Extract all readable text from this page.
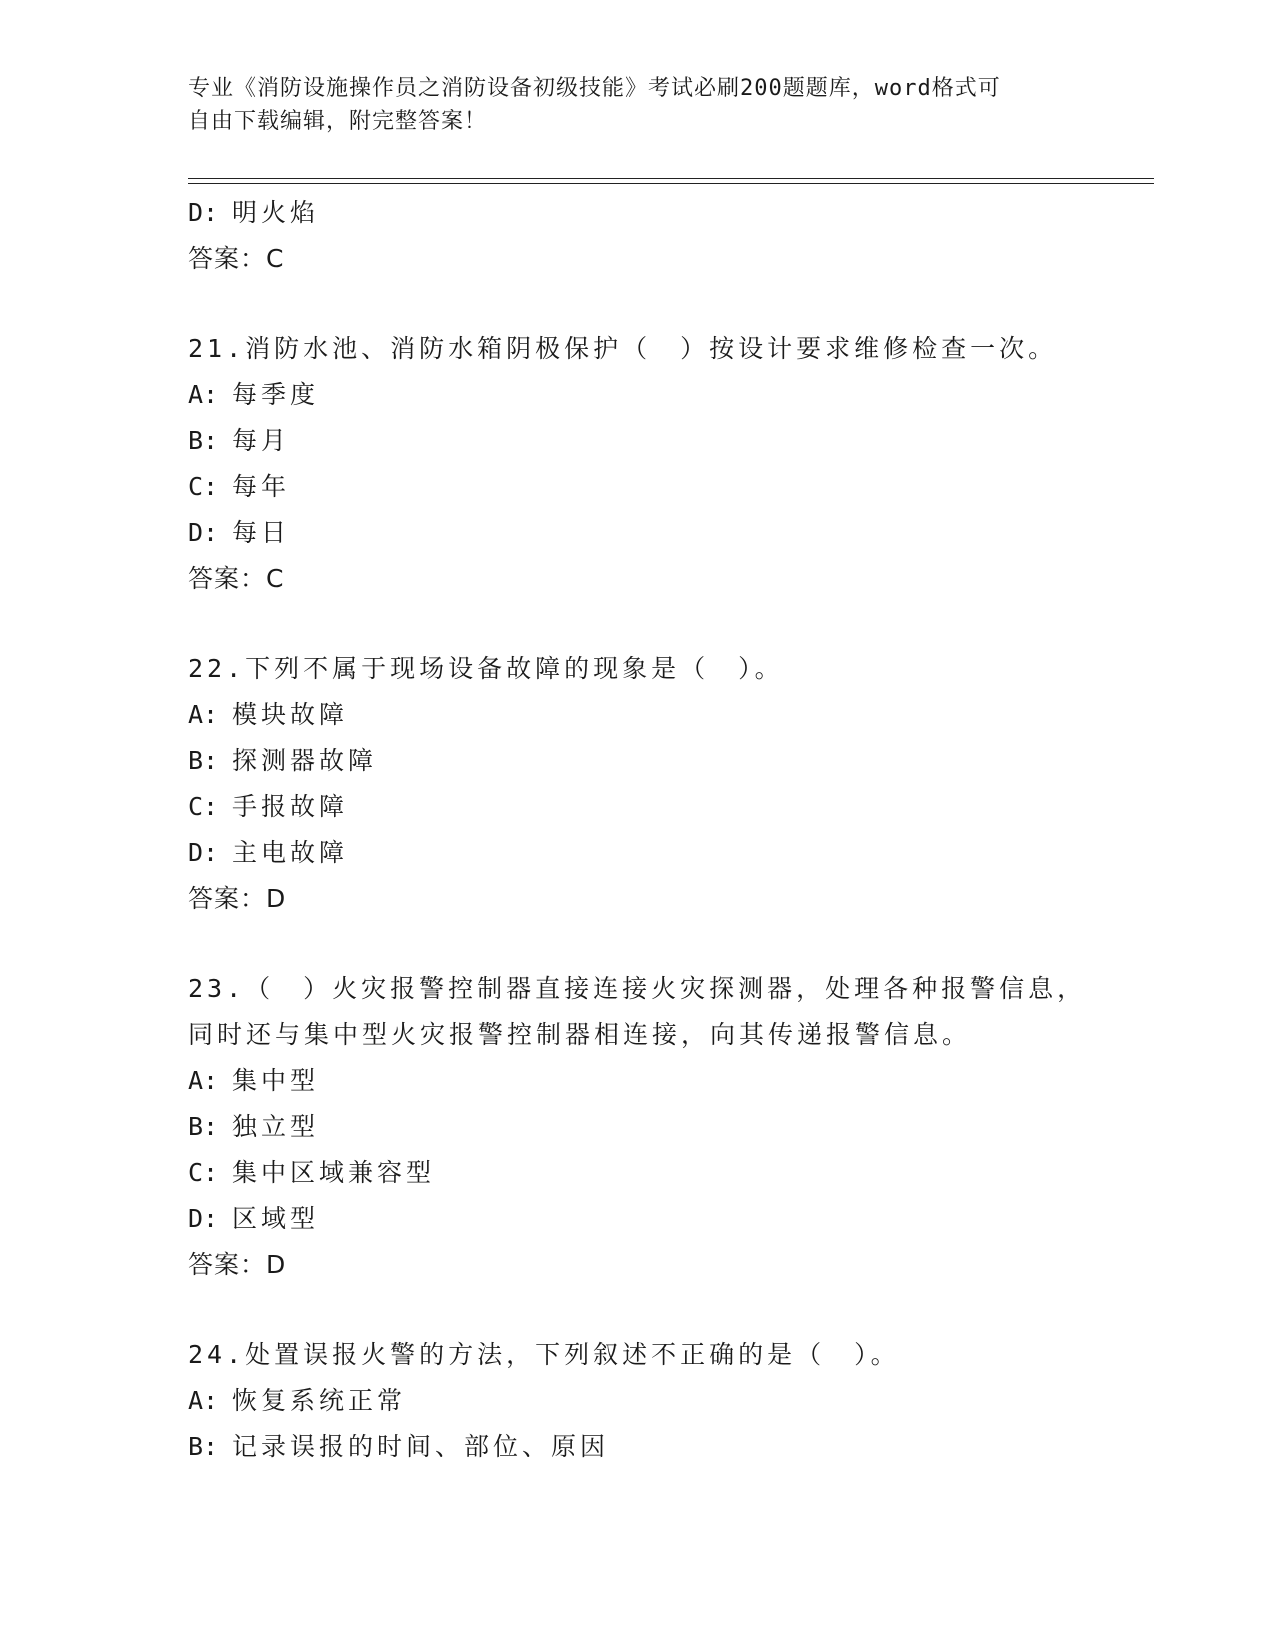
专业《消防设施操作员之消防设备初级技能》考试必刷200题题库，word格式可
自由下载编辑，附完整答案！
D: 明火焰
答案：C
21.消防水池、消防水箱阴极保护（　）按设计要求维修检查一次。
A: 每季度
B: 每月
C: 每年
D: 每日
答案：C
22.下列不属于现场设备故障的现象是（　）。
A: 模块故障
B: 探测器故障
C: 手报故障
D: 主电故障
答案：D
23.（　）火灾报警控制器直接连接火灾探测器，处理各种报警信息，
同时还与集中型火灾报警控制器相连接，向其传递报警信息。
A: 集中型
B: 独立型
C: 集中区域兼容型
D: 区域型
答案：D
24.处置误报火警的方法，下列叙述不正确的是（　）。
A: 恢复系统正常
B: 记录误报的时间、部位、原因
